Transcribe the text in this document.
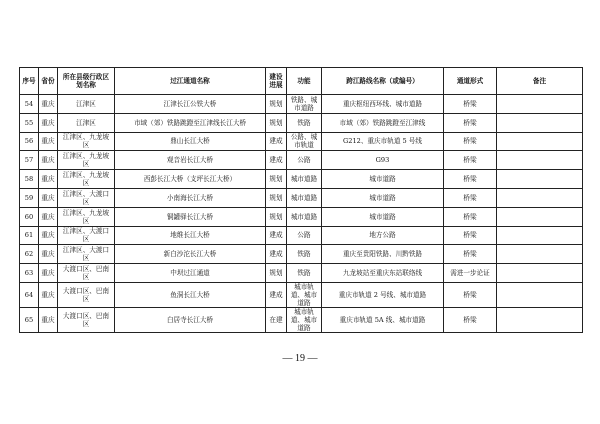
序号	省份	所在县级行政区划名称	过江通道名称	建设进展	功能	跨江路线名称（或编号）	通道形式	备注
54	重庆	江津区	江津长江公铁大桥	规划	铁路、城市道路	重庆枢纽西环线、城市道路	桥梁	
55	重庆	江津区	市域（郊）铁路跳蹬至江津线长江大桥	规划	铁路	市域（郊）铁路跳蹬至江津线	桥梁	
56	重庆	江津区、九龙坡区	鼎山长江大桥	建成	公路、城市轨道	G212、重庆市轨道 5 号线	桥梁	
57	重庆	江津区、九龙坡区	观音岩长江大桥	建成	公路	G93	桥梁	
58	重庆	江津区、九龙坡区	西彭长江大桥（支坪长江大桥）	规划	城市道路	城市道路	桥梁	
59	重庆	江津区、大渡口区	小南海长江大桥	规划	城市道路	城市道路	桥梁	
60	重庆	江津区、九龙坡区	铜罐驿长江大桥	规划	城市道路	城市道路	桥梁	
61	重庆	江津区、大渡口区	地维长江大桥	建成	公路	地方公路	桥梁	
62	重庆	江津区、大渡口区	新白沙沱长江大桥	建成	铁路	重庆至贵阳铁路、川黔铁路	桥梁	
63	重庆	大渡口区、巴南区	中坝过江通道	规划	铁路	九龙坡站至重庆东站联络线	需进一步论证	
64	重庆	大渡口区、巴南区	鱼洞长江大桥	建成	城市轨道、城市道路	重庆市轨道 2 号线、城市道路	桥梁	
65	重庆	大渡口区、巴南区	白居寺长江大桥	在建	城市轨道、城市道路	重庆市轨道 5A 线、城市道路	桥梁	
— 19 —
